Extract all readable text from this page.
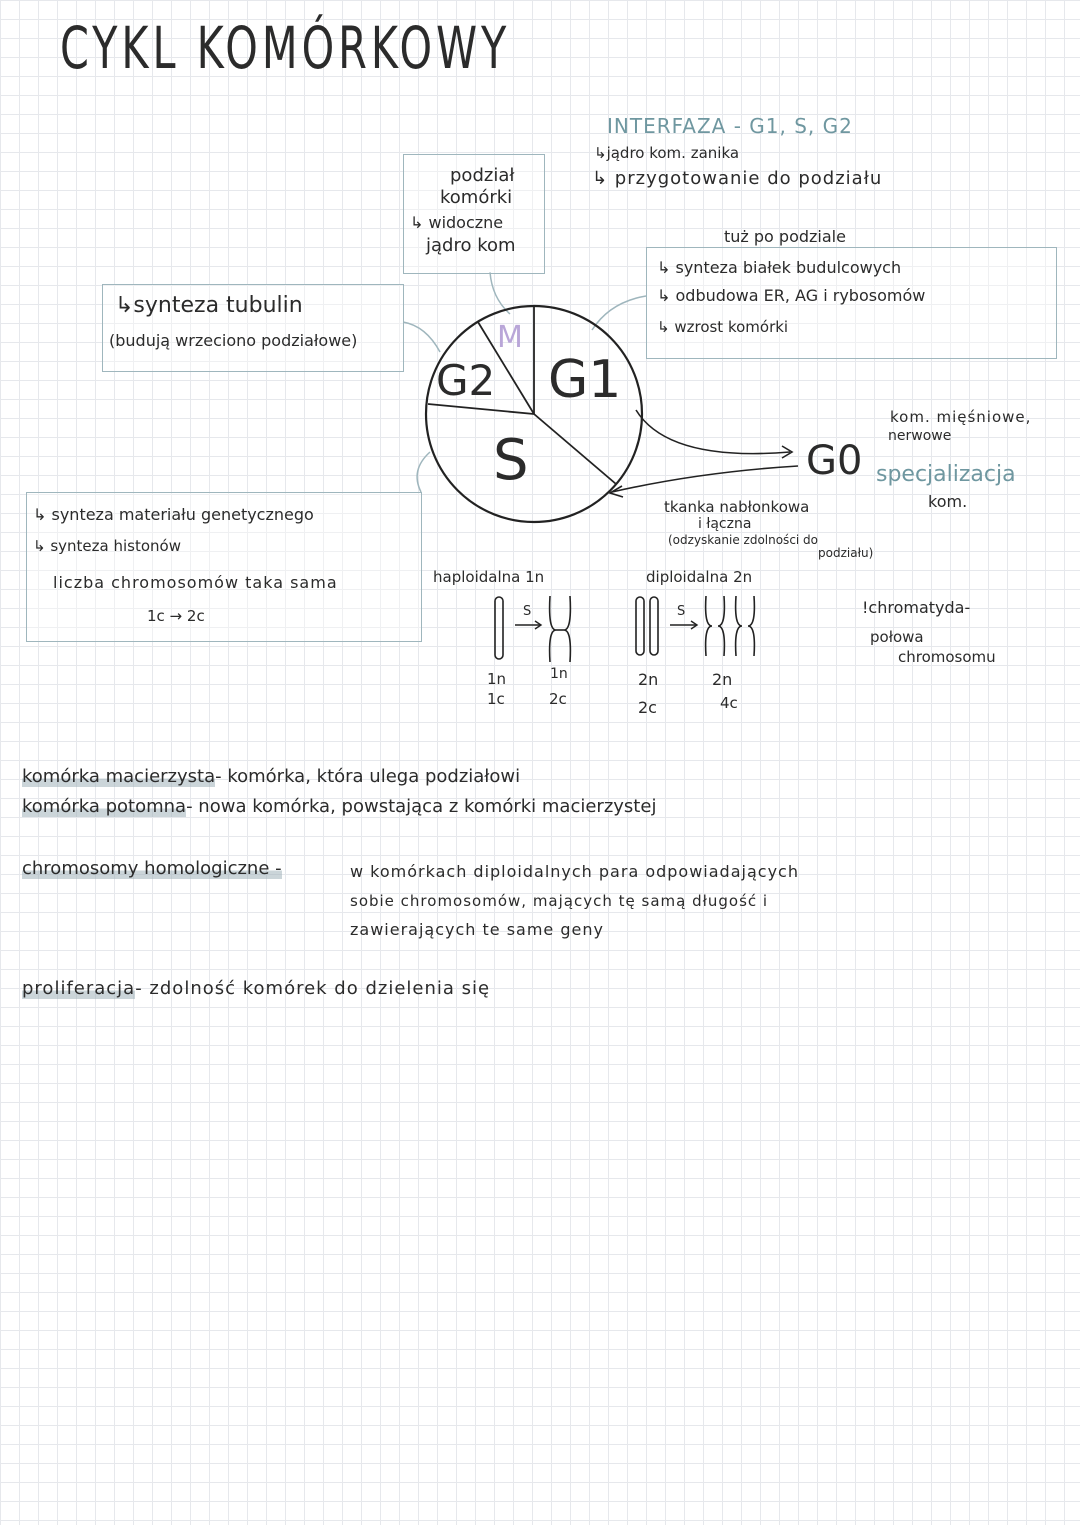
CYKL KOMÓRKOWY
INTERFAZA - G1, S, G2
↳jądro kom. zanika
↳ przygotowanie do podziału
M
G2 G1
S	G0
podział
komórki
↳ widoczne
jądro kom
↳synteza tubulin
(budują wrzeciono podziałowe)
tuż po podziale
↳ synteza białek budulcowych
↳ odbudowa ER, AG i rybosomów
↳ wzrost komórki
↳ synteza materiału genetycznego
↳ synteza histonów
liczba chromosomów taka sama
1c → 2c
kom. mięśniowe,
nerwowe
specjalizacja
kom.
tkanka nabłonkowa
i łączna
(odzyskanie zdolności do
podziału)
haploidalna 1n	diploidalna 2n
S	S
1n
1c
1n
2c
2n
2c
2n
4c
!chromatyda-
połowa
chromosomu
komórka macierzysta- komórka, która ulega podziałowi
komórka potomna- nowa komórka, powstająca z komórki macierzystej
chromosomy homologiczne -	w komórkach diploidalnych para odpowiadających
sobie chromosomów, mających tę samą długość i
zawierających te same geny
proliferacja- zdolność komórek do dzielenia się
